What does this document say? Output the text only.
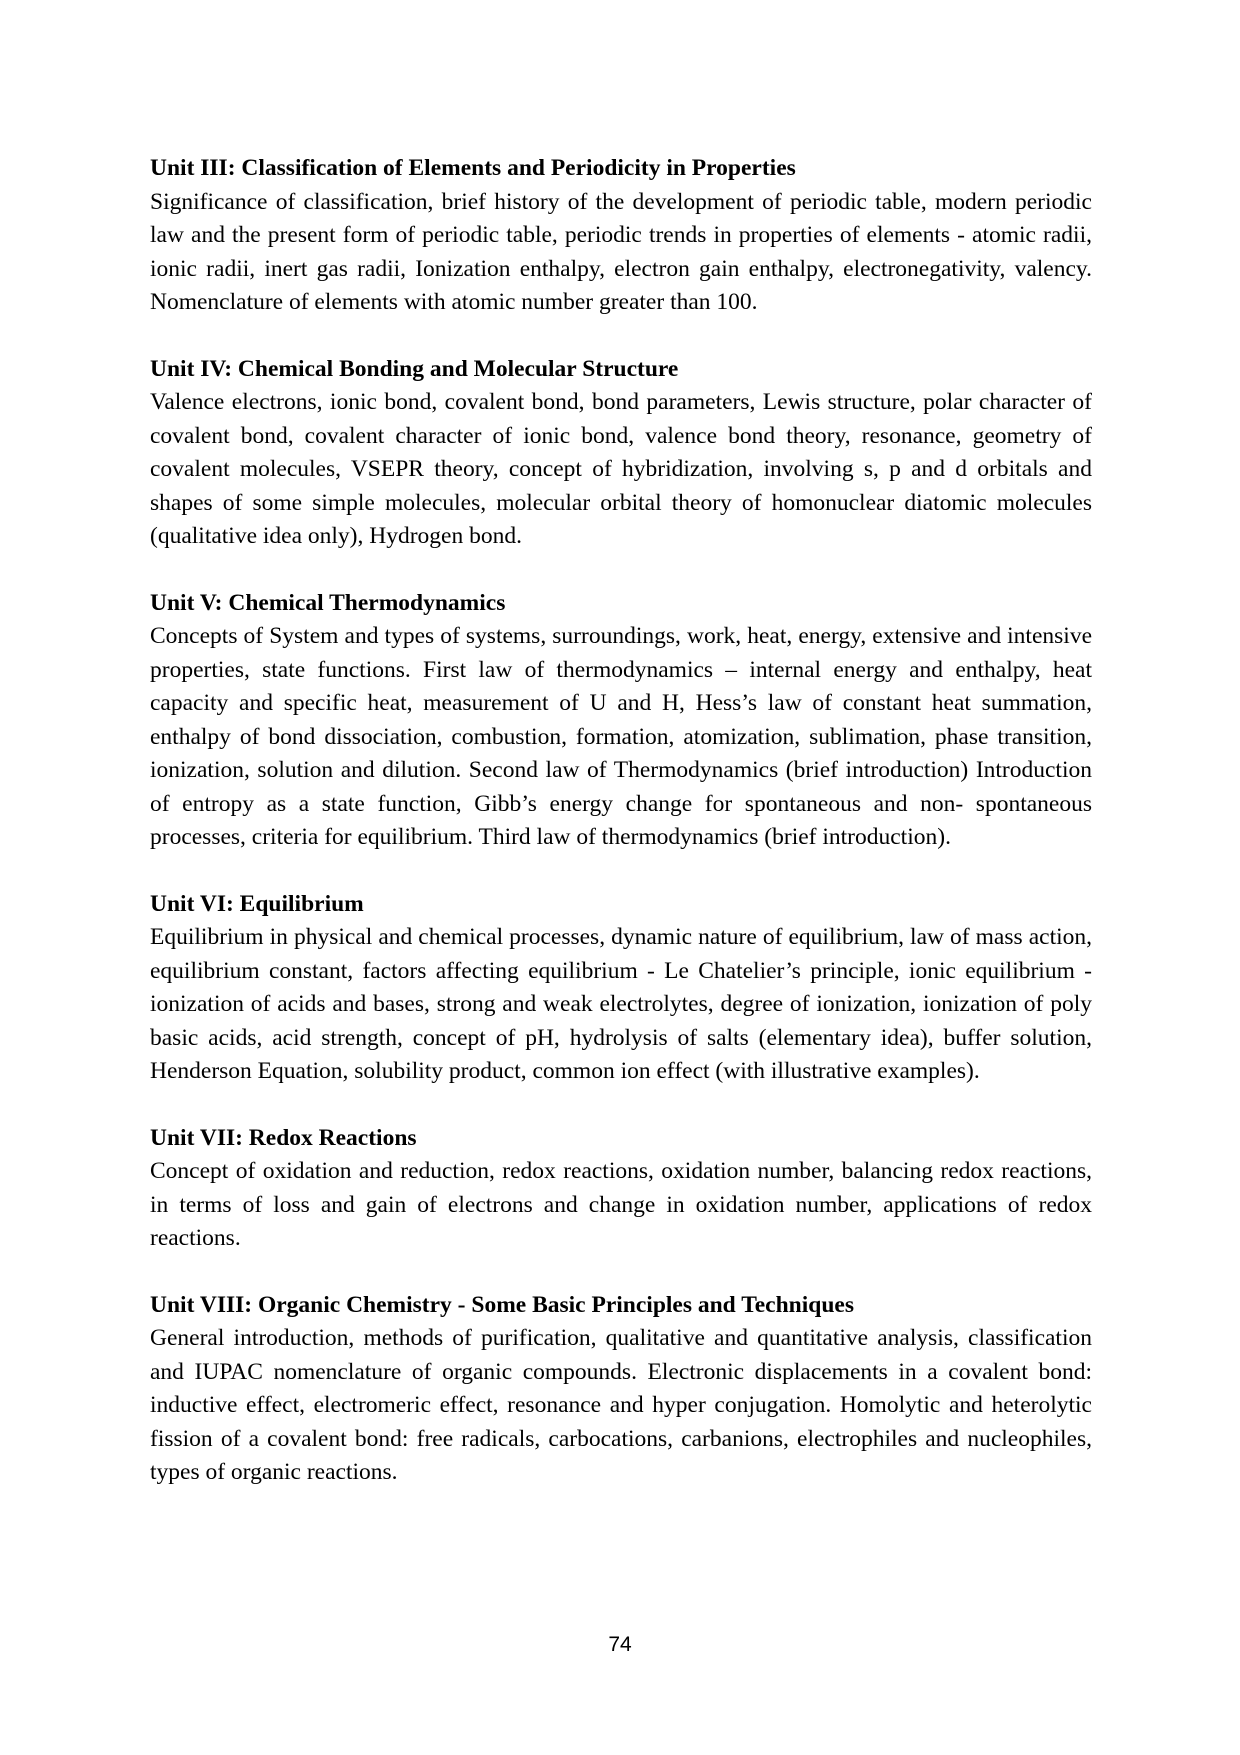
Unit III: Classification of Elements and Periodicity in Properties

Significance of classification, brief history of the development of periodic table, modern periodic law and the present form of periodic table, periodic trends in properties of elements - atomic radii, ionic radii, inert gas radii, Ionization enthalpy, electron gain enthalpy, electronegativity, valency. Nomenclature of elements with atomic number greater than 100.

Unit IV: Chemical Bonding and Molecular Structure

Valence electrons, ionic bond, covalent bond, bond parameters, Lewis structure, polar character of covalent bond, covalent character of ionic bond, valence bond theory, resonance, geometry of covalent molecules, VSEPR theory, concept of hybridization, involving s, p and d orbitals and shapes of some simple molecules, molecular orbital theory of homonuclear diatomic molecules (qualitative idea only), Hydrogen bond.

Unit V: Chemical Thermodynamics

Concepts of System and types of systems, surroundings, work, heat, energy, extensive and intensive properties, state functions. First law of thermodynamics – internal energy and enthalpy, heat capacity and specific heat, measurement of U and H, Hess’s law of constant heat summation, enthalpy of bond dissociation, combustion, formation, atomization, sublimation, phase transition, ionization, solution and dilution. Second law of Thermodynamics (brief introduction) Introduction of entropy as a state function, Gibb’s energy change for spontaneous and non- spontaneous processes, criteria for equilibrium. Third law of thermodynamics (brief introduction).

Unit VI: Equilibrium

Equilibrium in physical and chemical processes, dynamic nature of equilibrium, law of mass action, equilibrium constant, factors affecting equilibrium - Le Chatelier’s principle, ionic equilibrium - ionization of acids and bases, strong and weak electrolytes, degree of ionization, ionization of poly basic acids, acid strength, concept of pH, hydrolysis of salts (elementary idea), buffer solution, Henderson Equation, solubility product, common ion effect (with illustrative examples).

Unit VII: Redox Reactions

Concept of oxidation and reduction, redox reactions, oxidation number, balancing redox reactions, in terms of loss and gain of electrons and change in oxidation number, applications of redox reactions.

Unit VIII: Organic Chemistry - Some Basic Principles and Techniques

General introduction, methods of purification, qualitative and quantitative analysis, classification and IUPAC nomenclature of organic compounds. Electronic displacements in a covalent bond: inductive effect, electromeric effect, resonance and hyper conjugation. Homolytic and heterolytic fission of a covalent bond: free radicals, carbocations, carbanions, electrophiles and nucleophiles, types of organic reactions.

74
